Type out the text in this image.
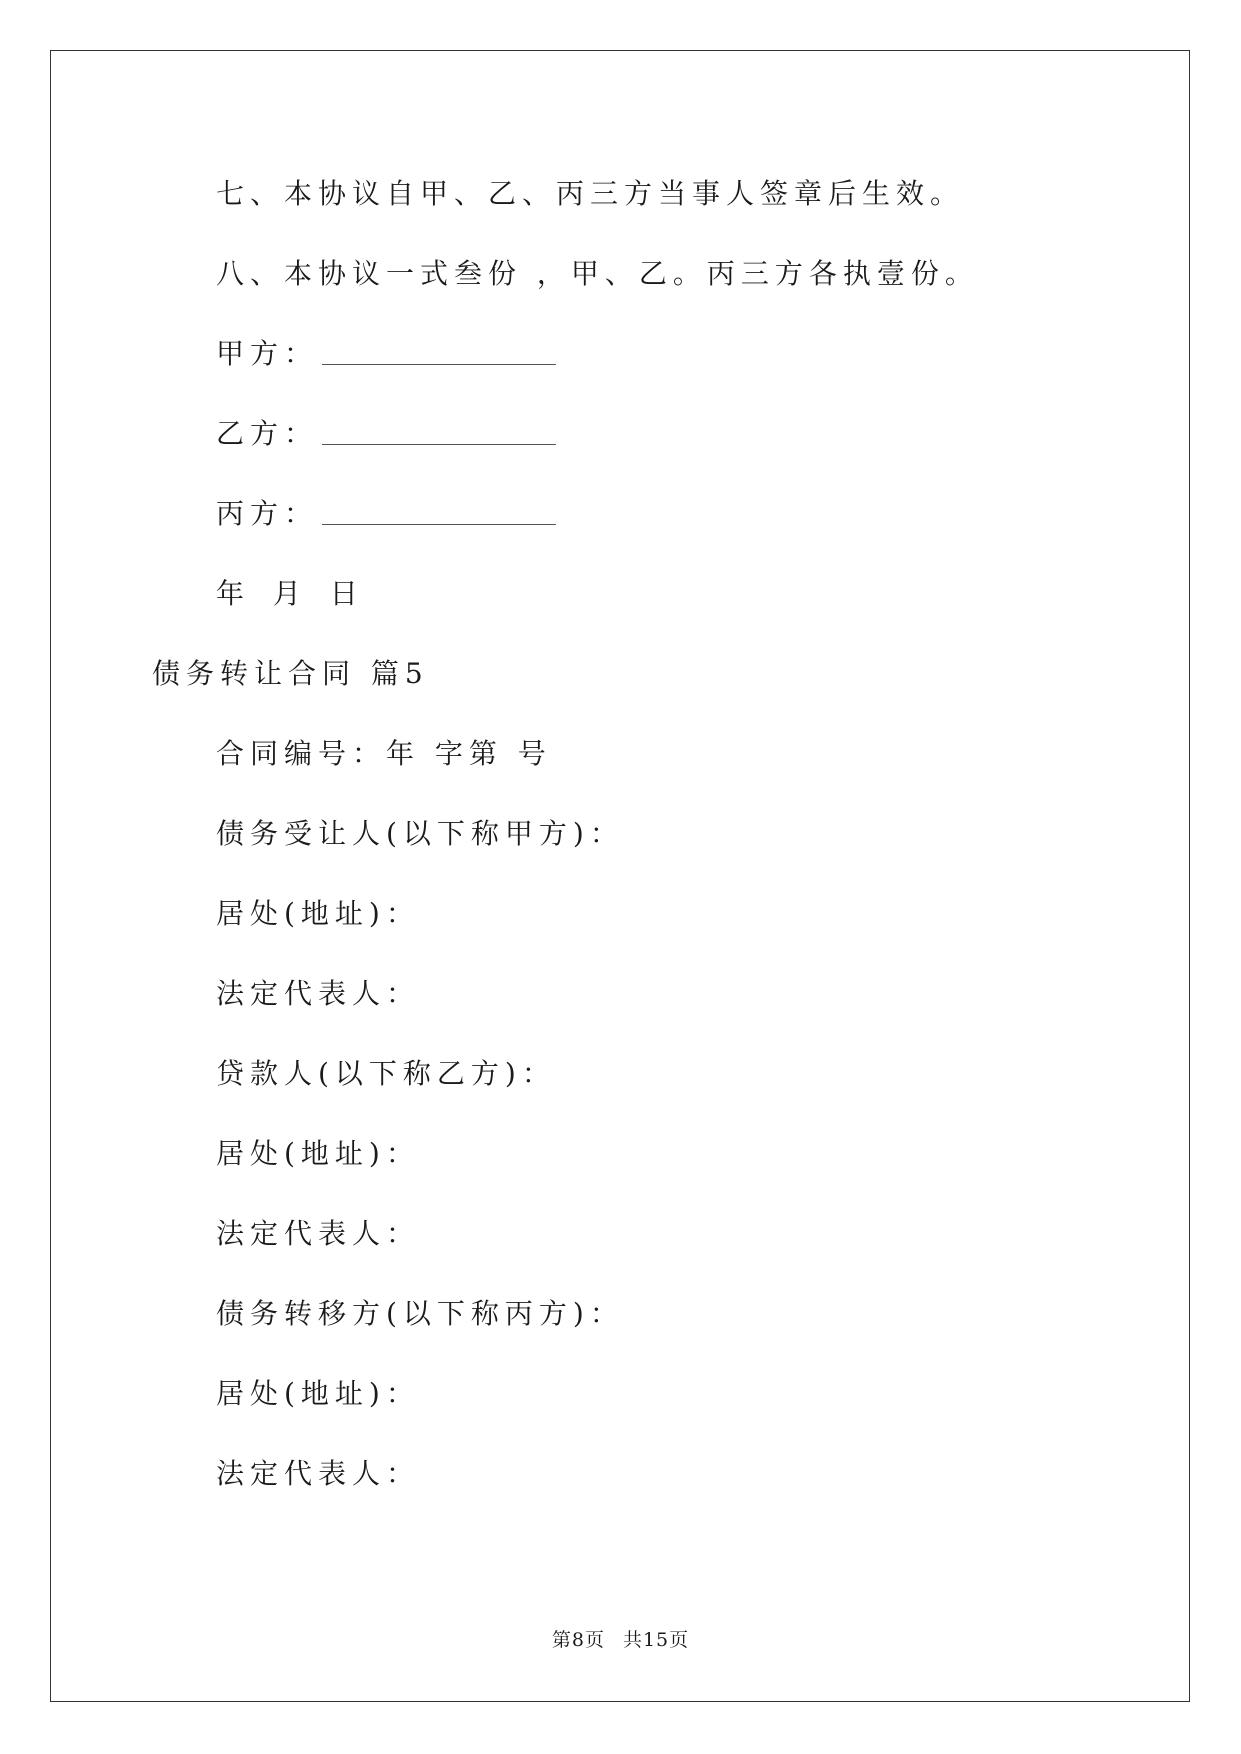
七、本协议自甲、乙、丙三方当事人签章后生效。
八、本协议一式叁份 ，甲、乙。丙三方各执壹份。
甲方：
乙方：
丙方：
年 月 日
债务转让合同 篇5
合同编号：年 字第 号
债务受让人(以下称甲方)：
居处(地址)：
法定代表人：
贷款人(以下称乙方)：
居处(地址)：
法定代表人：
债务转移方(以下称丙方)：
居处(地址)：
法定代表人：
第8页 共15页
